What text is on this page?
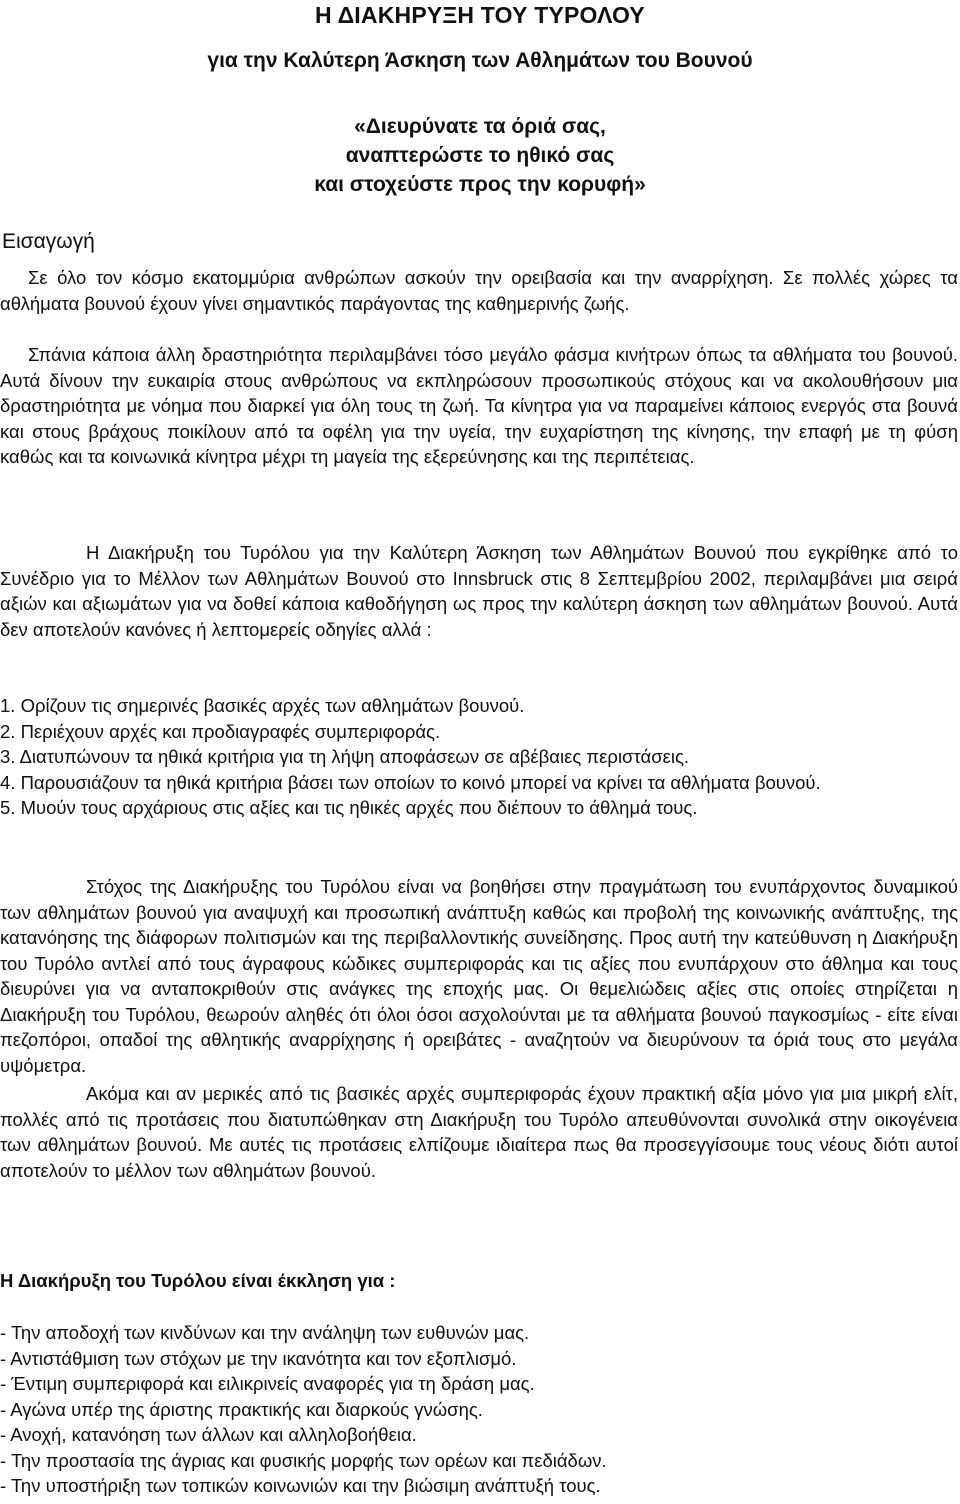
Η ΔΙΑΚΗΡΥΞΗ ΤΟΥ ΤΥΡΟΛΟΥ
για την Καλύτερη Άσκηση των Αθλημάτων του Βουνού
«Διευρύνατε τα όριά σας,
αναπτερώστε το ηθικό σας
και στοχεύστε προς την κορυφή»
Εισαγωγή
Σε όλο τον κόσμο εκατομμύρια ανθρώπων ασκούν την ορειβασία και την αναρρίχηση. Σε πολλές χώρες τα αθλήματα βουνού έχουν γίνει σημαντικός παράγοντας της καθημερινής ζωής.
Σπάνια κάποια άλλη δραστηριότητα περιλαμβάνει τόσο μεγάλο φάσμα κινήτρων όπως τα αθλήματα του βουνού. Αυτά δίνουν την ευκαιρία στους ανθρώπους να εκπληρώσουν προσωπικούς στόχους και να ακολουθήσουν μια δραστηριότητα με νόημα που διαρκεί για όλη τους τη ζωή. Τα κίνητρα για να παραμείνει κάποιος ενεργός στα βουνά και στους βράχους ποικίλουν από τα οφέλη για την υγεία, την ευχαρίστηση της κίνησης, την επαφή με τη φύση καθώς και τα κοινωνικά κίνητρα μέχρι τη μαγεία της εξερεύνησης και της περιπέτειας.
Η Διακήρυξη του Τυρόλου για την Καλύτερη Άσκηση των Αθλημάτων Βουνού που εγκρίθηκε από το Συνέδριο για το Μέλλον των Αθλημάτων Βουνού στο Innsbruck στις 8 Σεπτεμβρίου 2002, περιλαμβάνει μια σειρά αξιών και αξιωμάτων για να δοθεί κάποια καθοδήγηση ως προς την καλύτερη άσκηση των αθλημάτων βουνού. Αυτά δεν αποτελούν κανόνες ή λεπτομερείς οδηγίες αλλά :
1. Ορίζουν τις σημερινές βασικές αρχές των αθλημάτων βουνού.
2. Περιέχουν αρχές και προδιαγραφές συμπεριφοράς.
3. Διατυπώνουν τα ηθικά κριτήρια για τη λήψη αποφάσεων σε αβέβαιες περιστάσεις.
4. Παρουσιάζουν τα ηθικά κριτήρια βάσει των οποίων το κοινό μπορεί να κρίνει τα αθλήματα βουνού.
5. Μυούν τους αρχάριους στις αξίες και τις ηθικές αρχές που διέπουν το άθλημά τους.
Στόχος της Διακήρυξης του Τυρόλου είναι να βοηθήσει στην πραγμάτωση του ενυπάρχοντος δυναμικού των αθλημάτων βουνού για αναψυχή και προσωπική ανάπτυξη καθώς και προβολή της κοινωνικής ανάπτυξης, της κατανόησης της διάφορων πολιτισμών και της περιβαλλοντικής συνείδησης. Προς αυτή την κατεύθυνση η Διακήρυξη του Τυρόλο αντλεί από τους άγραφους κώδικες συμπεριφοράς και τις αξίες που ενυπάρχουν στο άθλημα και τους διευρύνει για να ανταποκριθούν στις ανάγκες της εποχής μας. Οι θεμελιώδεις αξίες στις οποίες στηρίζεται η Διακήρυξη του Τυρόλου, θεωρούν αληθές ότι όλοι όσοι ασχολούνται με τα αθλήματα βουνού παγκοσμίως - είτε είναι πεζοπόροι, οπαδοί της αθλητικής αναρρίχησης ή ορειβάτες - αναζητούν να διευρύνουν τα όριά τους στο μεγάλα υψόμετρα.
Ακόμα και αν μερικές από τις βασικές αρχές συμπεριφοράς έχουν πρακτική αξία μόνο για μια μικρή ελίτ, πολλές από τις προτάσεις που διατυπώθηκαν στη Διακήρυξη του Τυρόλο απευθύνονται συνολικά στην οικογένεια των αθλημάτων βουνού. Με αυτές τις προτάσεις ελπίζουμε ιδιαίτερα πως θα προσεγγίσουμε τους νέους διότι αυτοί αποτελούν το μέλλον των αθλημάτων βουνού.
Η Διακήρυξη του Τυρόλου είναι έκκληση για :
- Την αποδοχή των κινδύνων και την ανάληψη των ευθυνών μας.
- Αντιστάθμιση των στόχων με την ικανότητα και τον εξοπλισμό.
- Έντιμη συμπεριφορά και ειλικρινείς αναφορές για τη δράση μας.
- Αγώνα υπέρ της άριστης πρακτικής και διαρκούς γνώσης.
- Ανοχή, κατανόηση των άλλων και αλληλοβοήθεια.
- Την προστασία της άγριας και φυσικής μορφής των ορέων και πεδιάδων.
- Την υποστήριξη των τοπικών κοινωνιών και την βιώσιμη ανάπτυξή τους.
